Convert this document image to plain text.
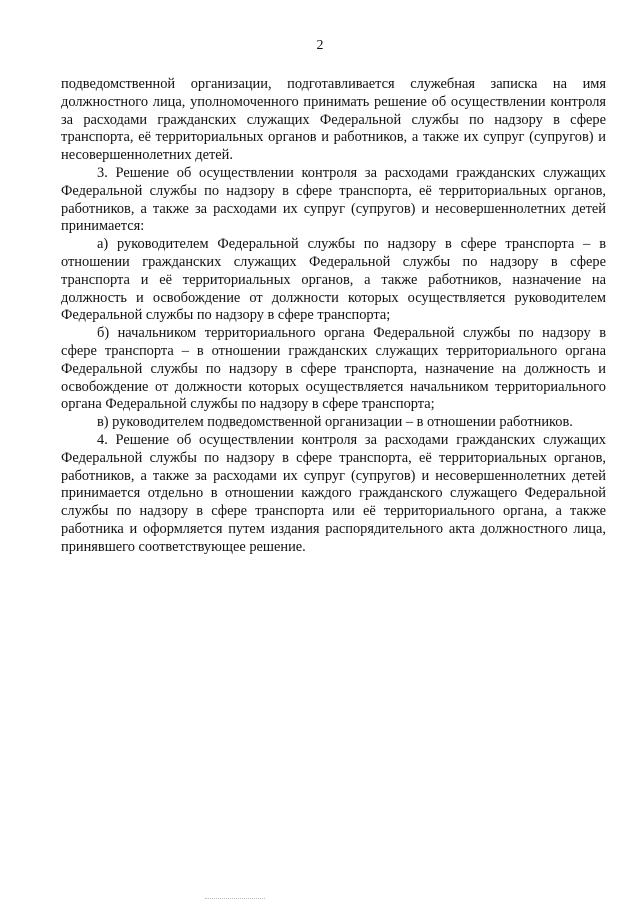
2

подведомственной организации, подготавливается служебная записка на имя должностного лица, уполномоченного принимать решение об осуществлении контроля за расходами гражданских служащих Федеральной службы по надзору в сфере транспорта, её территориальных органов и работников, а также их супруг (супругов) и несовершеннолетних детей.

3. Решение об осуществлении контроля за расходами гражданских служащих Федеральной службы по надзору в сфере транспорта, её территориальных органов, работников, а также за расходами их супруг (супругов) и несовершеннолетних детей принимается:

а) руководителем Федеральной службы по надзору в сфере транспорта – в отношении гражданских служащих Федеральной службы по надзору в сфере транспорта и её территориальных органов, а также работников, назначение на должность и освобождение от должности которых осуществляется руководителем Федеральной службы по надзору в сфере транспорта;

б) начальником территориального органа Федеральной службы по надзору в сфере транспорта – в отношении гражданских служащих территориального органа Федеральной службы по надзору в сфере транспорта, назначение на должность и освобождение от должности которых осуществляется начальником территориального органа Федеральной службы по надзору в сфере транспорта;

в) руководителем подведомственной организации – в отношении работников.

4. Решение об осуществлении контроля за расходами гражданских служащих Федеральной службы по надзору в сфере транспорта, её территориальных органов, работников, а также за расходами их супруг (супругов) и несовершеннолетних детей принимается отдельно в отношении каждого гражданского служащего Федеральной службы по надзору в сфере транспорта или её территориального органа, а также работника и оформляется путем издания распорядительного акта должностного лица, принявшего соответствующее решение.
